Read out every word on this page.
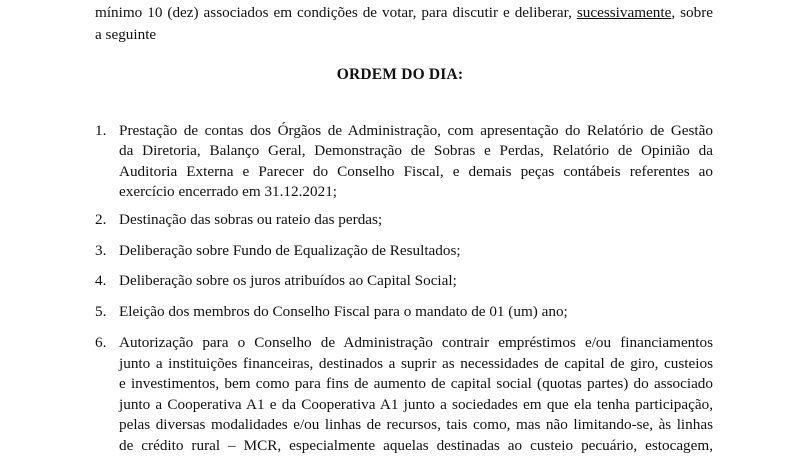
mínimo 10 (dez) associados em condições de votar, para discutir e deliberar, sucessivamente, sobre
a seguinte
ORDEM DO DIA:
1. Prestação de contas dos Órgãos de Administração, com apresentação do Relatório de Gestão
da Diretoria, Balanço Geral, Demonstração de Sobras e Perdas, Relatório de Opinião da
Auditoria Externa e Parecer do Conselho Fiscal, e demais peças contábeis referentes ao
exercício encerrado em 31.12.2021;
2. Destinação das sobras ou rateio das perdas;
3. Deliberação sobre Fundo de Equalização de Resultados;
4. Deliberação sobre os juros atribuídos ao Capital Social;
5. Eleição dos membros do Conselho Fiscal para o mandato de 01 (um) ano;
6. Autorização para o Conselho de Administração contrair empréstimos e/ou financiamentos
junto a instituições financeiras, destinados a suprir as necessidades de capital de giro, custeios
e investimentos, bem como para fins de aumento de capital social (quotas partes) do associado
junto a Cooperativa A1 e da Cooperativa A1 junto a sociedades em que ela tenha participação,
pelas diversas modalidades e/ou linhas de recursos, tais como, mas não limitando-se, às linhas
de crédito rural – MCR, especialmente aquelas destinadas ao custeio pecuário, estocagem,
